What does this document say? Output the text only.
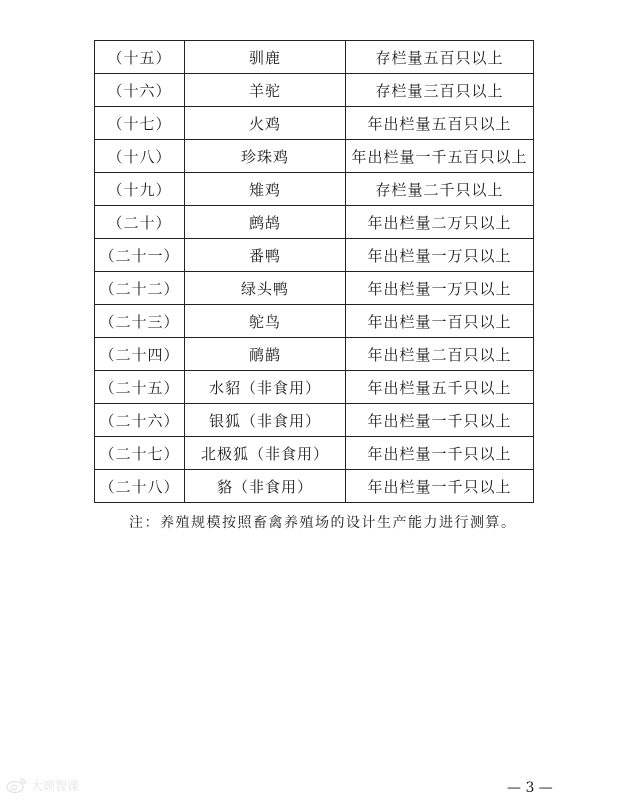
（十五）	驯鹿	存栏量五百只以上
（十六）	羊驼	存栏量三百只以上
（十七）	火鸡	年出栏量五百只以上
（十八）	珍珠鸡	年出栏量一千五百只以上
（十九）	雉鸡	存栏量二千只以上
（二十）	鹧鸪	年出栏量二万只以上
（二十一）	番鸭	年出栏量一万只以上
（二十二）	绿头鸭	年出栏量一万只以上
（二十三）	鸵鸟	年出栏量一百只以上
（二十四）	鸸鹋	年出栏量二百只以上
（二十五）	水貂（非食用）	年出栏量五千只以上
（二十六）	银狐（非食用）	年出栏量一千只以上
（二十七）	北极狐（非食用）	年出栏量一千只以上
（二十八）	貉（非食用）	年出栏量一千只以上
注：养殖规模按照畜禽养殖场的设计生产能力进行测算。
— 3 —
大颂智课
